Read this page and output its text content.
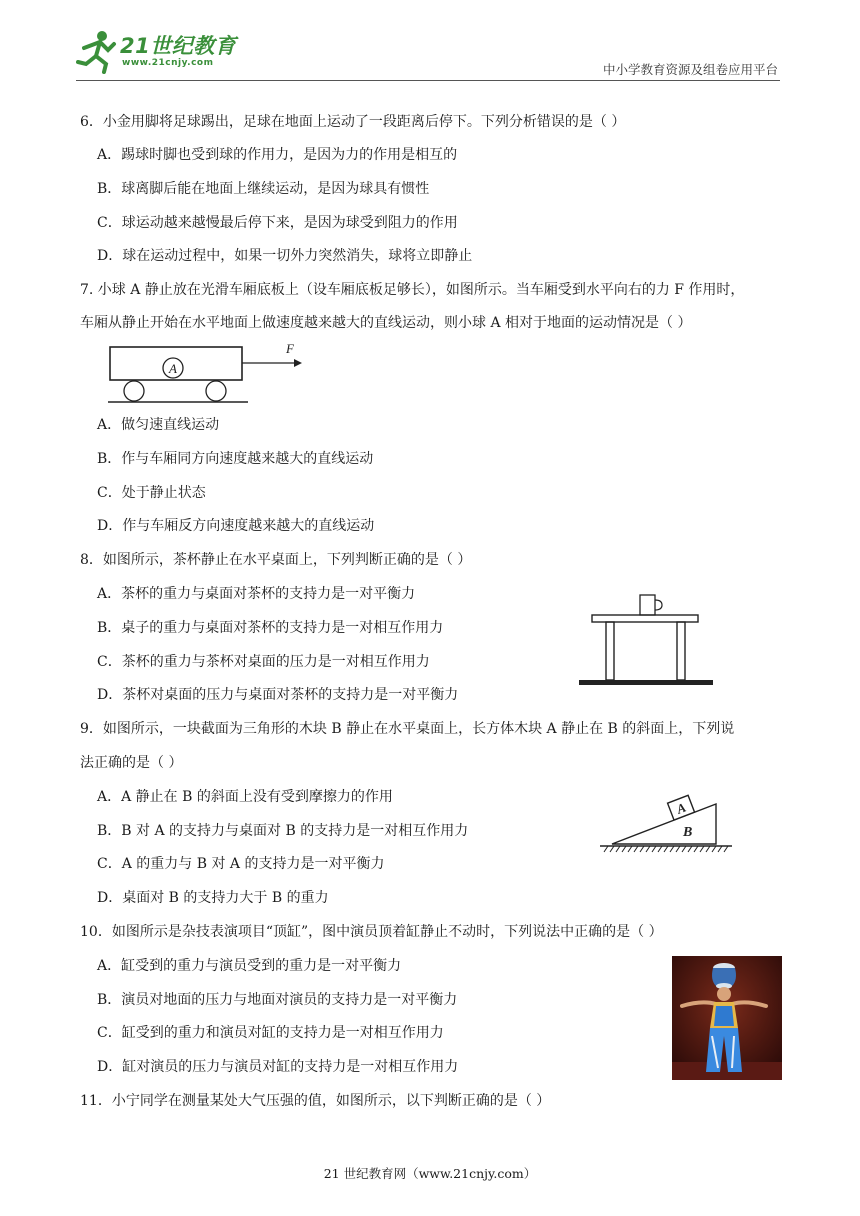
21世纪教育
www.21cnjy.com	中小学教育资源及组卷应用平台
6．小金用脚将足球踢出，足球在地面上运动了一段距离后停下。下列分析错误的是（ ）
A．踢球时脚也受到球的作用力，是因为力的作用是相互的
B．球离脚后能在地面上继续运动，是因为球具有惯性
C．球运动越来越慢最后停下来，是因为球受到阻力的作用
D．球在运动过程中，如果一切外力突然消失，球将立即静止
7. 小球 A 静止放在光滑车厢底板上（设车厢底板足够长），如图所示。当车厢受到水平向右的力 F 作用时，
车厢从静止开始在水平地面上做速度越来越大的直线运动，则小球 A 相对于地面的运动情况是（ ）
A
F
A．做匀速直线运动
B．作与车厢同方向速度越来越大的直线运动
C．处于静止状态
D．作与车厢反方向速度越来越大的直线运动
8．如图所示，茶杯静止在水平桌面上，下列判断正确的是（ ）
A．茶杯的重力与桌面对茶杯的支持力是一对平衡力
B．桌子的重力与桌面对茶杯的支持力是一对相互作用力
C．茶杯的重力与茶杯对桌面的压力是一对相互作用力
D．茶杯对桌面的压力与桌面对茶杯的支持力是一对平衡力
9．如图所示，一块截面为三角形的木块 B 静止在水平桌面上，长方体木块 A 静止在 B 的斜面上，下列说
法正确的是（ ）
A．A 静止在 B 的斜面上没有受到摩擦力的作用
B．B 对 A 的支持力与桌面对 B 的支持力是一对相互作用力
C．A 的重力与 B 对 A 的支持力是一对平衡力
D．桌面对 B 的支持力大于 B 的重力
A
B
10．如图所示是杂技表演项目“顶缸”，图中演员顶着缸静止不动时，下列说法中正确的是（ ）
A．缸受到的重力与演员受到的重力是一对平衡力
B．演员对地面的压力与地面对演员的支持力是一对平衡力
C．缸受到的重力和演员对缸的支持力是一对相互作用力
D．缸对演员的压力与演员对缸的支持力是一对相互作用力
11．小宁同学在测量某处大气压强的值，如图所示，以下判断正确的是（ ）
21 世纪教育网（www.21cnjy.com）
